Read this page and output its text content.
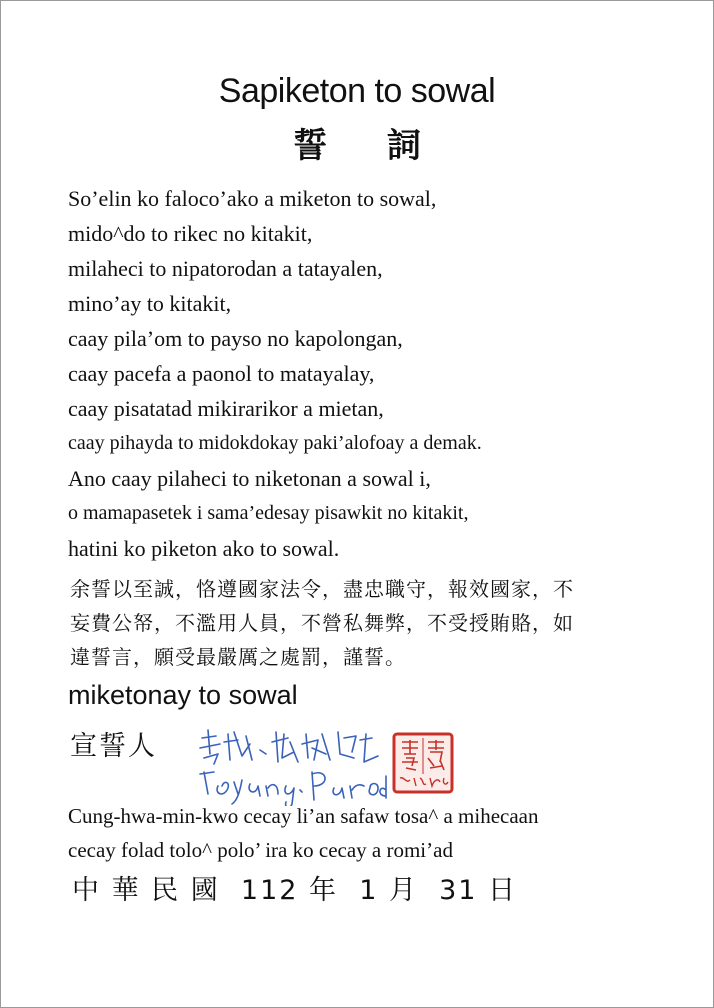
Sapiketon to sowal
誓 詞
So’elin ko faloco’ako a miketon to sowal,
mido^do to rikec no kitakit,
milaheci to nipatorodan a tatayalen,
mino’ay to kitakit,
caay pila’om to payso no kapolongan,
caay pacefa a paonol to matayalay,
caay pisatatad mikirarikor a mietan,
caay pihayda to midokdokay paki’alofoay a demak.
Ano caay pilaheci to niketonan a sowal i,
o mamapasetek i sama’edesay pisawkit no kitakit,
hatini ko piketon ako to sowal.
余誓以至誠，恪遵國家法令，盡忠職守，報效國家，不
妄費公帑，不濫用人員，不營私舞弊，不受授賄賂，如
違誓言，願受最嚴厲之處罰，謹誓。
miketonay to sowal
宣誓人
Cung-hwa-min-kwo cecay li’an safaw tosa^ a mihecaan
cecay folad tolo^ polo’ ira ko cecay a romi’ad
中 華 民 國  112 年  1 月  31 日
